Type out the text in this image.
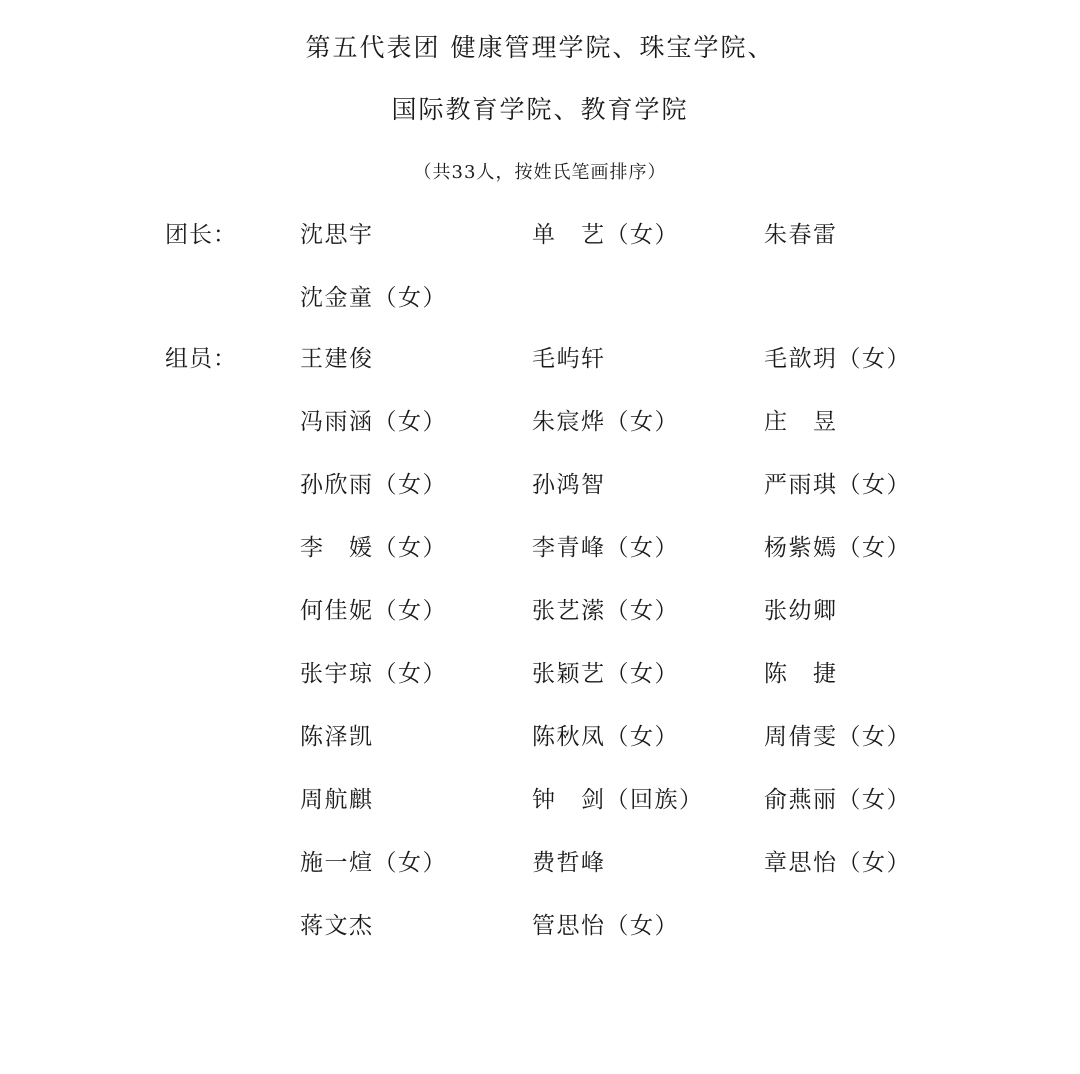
第五代表团 健康管理学院、珠宝学院、
国际教育学院、教育学院
（共33人，按姓氏笔画排序）
团长：	沈思宇	单　艺（女）	朱春雷
沈金童（女）
组员：	王建俊	毛屿轩	毛歆玥（女）
冯雨涵（女）	朱宸烨（女）	庄　昱
孙欣雨（女）	孙鸿智	严雨琪（女）
李　媛（女）	李青峰（女）	杨紫嫣（女）
何佳妮（女）	张艺潆（女）	张幼卿
张宇琼（女）	张颖艺（女）	陈　捷
陈泽凯	陈秋凤（女）	周倩雯（女）
周航麒	钟　剑（回族）	俞燕丽（女）
施一煊（女）	费哲峰	章思怡（女）
蒋文杰	管思怡（女）
